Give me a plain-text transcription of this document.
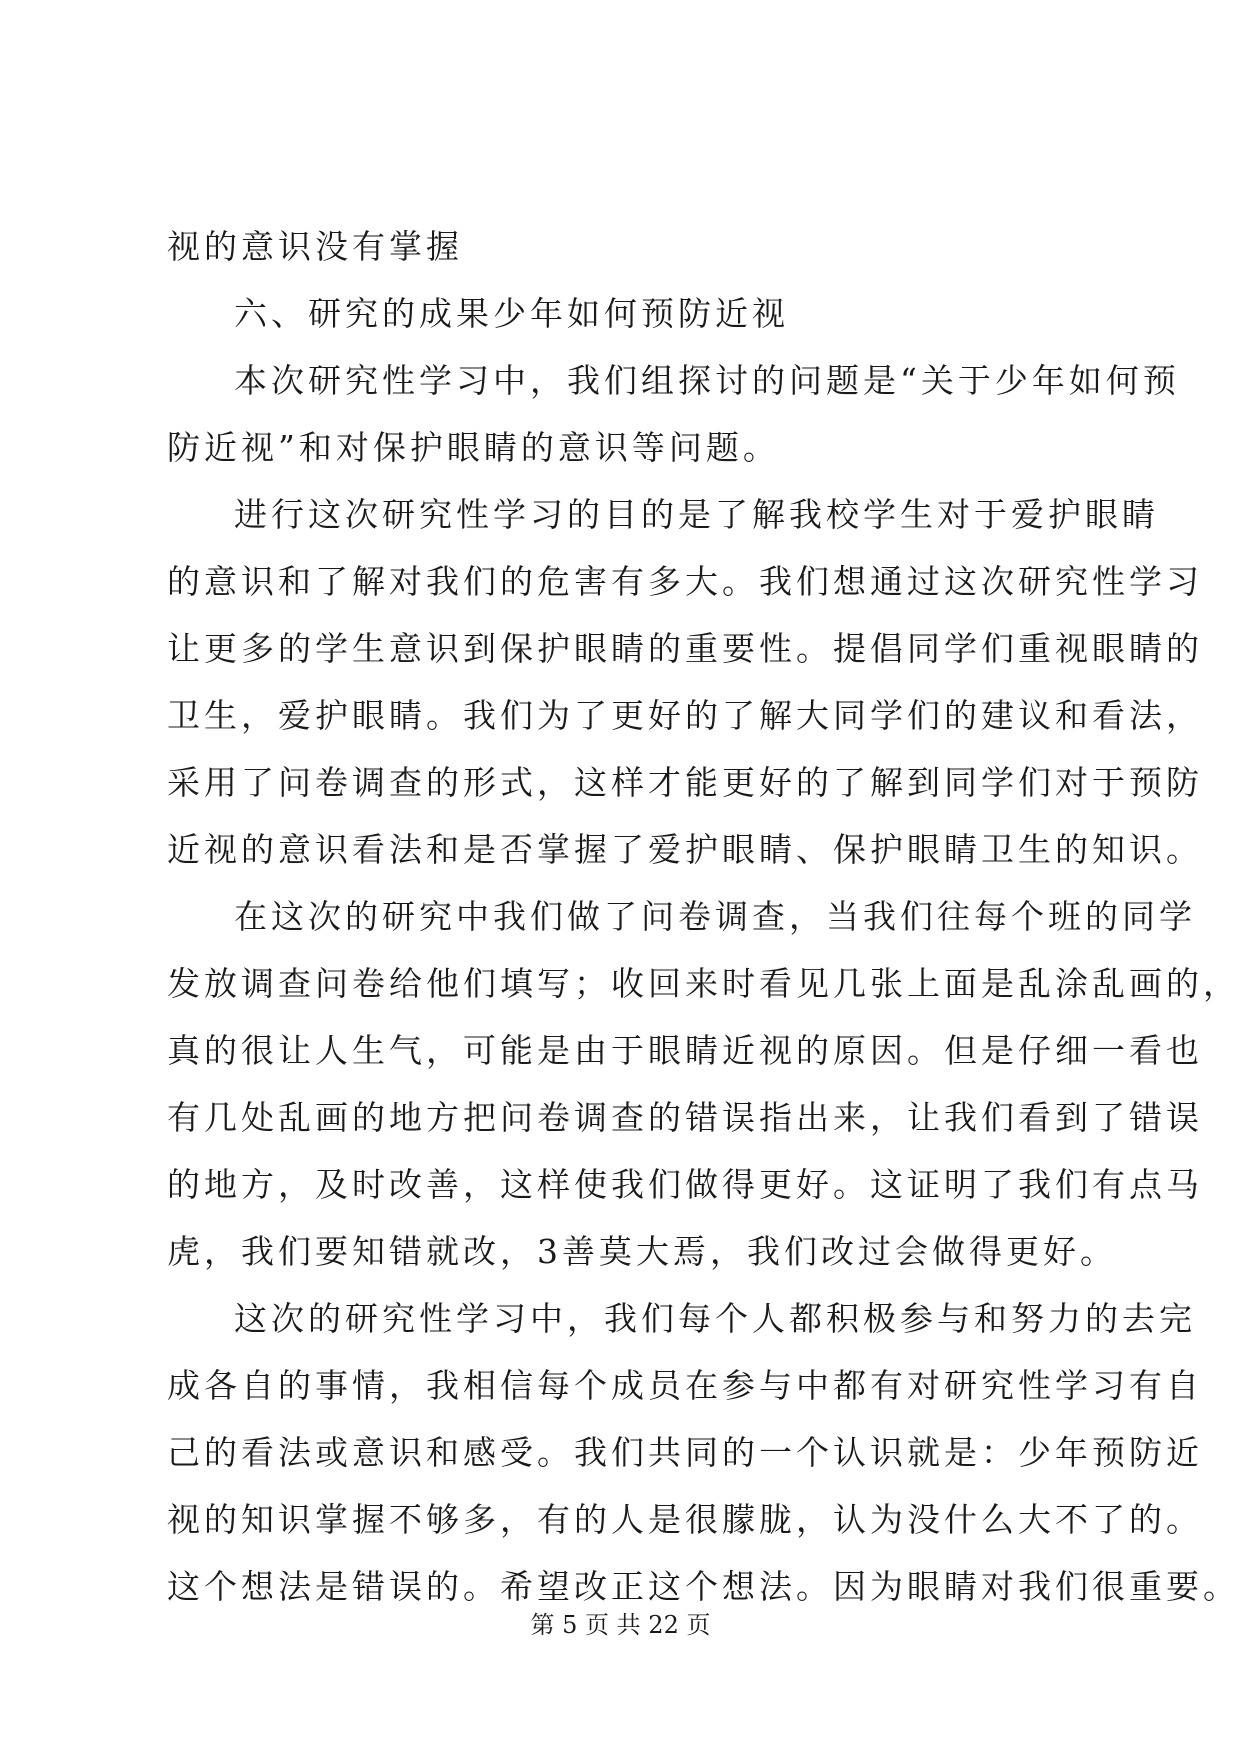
视的意识没有掌握
六、研究的成果少年如何预防近视
本次研究性学习中，我们组探讨的问题是“关于少年如何预
防近视”和对保护眼睛的意识等问题。
进行这次研究性学习的目的是了解我校学生对于爱护眼睛
的意识和了解对我们的危害有多大。我们想通过这次研究性学习
让更多的学生意识到保护眼睛的重要性。提倡同学们重视眼睛的
卫生，爱护眼睛。我们为了更好的了解大同学们的建议和看法，
采用了问卷调查的形式，这样才能更好的了解到同学们对于预防
近视的意识看法和是否掌握了爱护眼睛、保护眼睛卫生的知识。
在这次的研究中我们做了问卷调查，当我们往每个班的同学
发放调查问卷给他们填写；收回来时看见几张上面是乱涂乱画的，
真的很让人生气，可能是由于眼睛近视的原因。但是仔细一看也
有几处乱画的地方把问卷调查的错误指出来，让我们看到了错误
的地方，及时改善，这样使我们做得更好。这证明了我们有点马
虎，我们要知错就改，3善莫大焉，我们改过会做得更好。
这次的研究性学习中，我们每个人都积极参与和努力的去完
成各自的事情，我相信每个成员在参与中都有对研究性学习有自
己的看法或意识和感受。我们共同的一个认识就是：少年预防近
视的知识掌握不够多，有的人是很朦胧，认为没什么大不了的。
这个想法是错误的。希望改正这个想法。因为眼睛对我们很重要。
第 5 页 共 22 页
